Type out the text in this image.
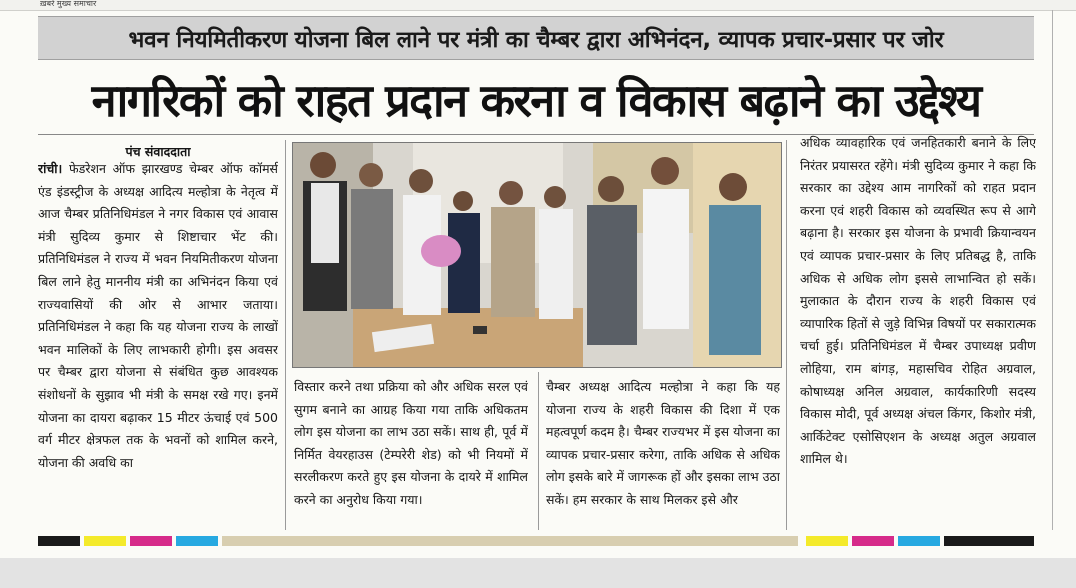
ख़बरें मुख्य समाचार
भवन नियमितीकरण योजना बिल लाने पर मंत्री का चैम्बर द्वारा अभिनंदन, व्यापक प्रचार-प्रसार पर जोर
नागरिकों को राहत प्रदान करना व विकास बढ़ाने का उद्देश्य
पंच संवाददाता

रांची। फेडरेशन ऑफ झारखण्ड चेम्बर ऑफ कॉमर्स एंड इंडस्ट्रीज के अध्यक्ष आदित्य मल्होत्रा के नेतृत्व में आज चैम्बर प्रतिनिधिमंडल ने नगर विकास एवं आवास मंत्री सुदिव्य कुमार से शिष्टाचार भेंट की। प्रतिनिधिमंडल ने राज्य में भवन नियमितीकरण योजना बिल लाने हेतु माननीय मंत्री का अभिनंदन किया एवं राज्यवासियों की ओर से आभार जताया। प्रतिनिधिमंडल ने कहा कि यह योजना राज्य के लाखों भवन मालिकों के लिए लाभकारी होगी। इस अवसर पर चैम्बर द्वारा योजना से संबंधित कुछ आवश्यक संशोधनों के सुझाव भी मंत्री के समक्ष रखे गए। इनमें योजना का दायरा बढ़ाकर 15 मीटर ऊंचाई एवं 500 वर्ग मीटर क्षेत्रफल तक के भवनों को शामिल करने, योजना की अवधि का

विस्तार करने तथा प्रक्रिया को और अधिक सरल एवं सुगम बनाने का आग्रह किया गया ताकि अधिकतम लोग इस योजना का लाभ उठा सकें। साथ ही, पूर्व में निर्मित वेयरहाउस (टेम्परेरी शेड) को भी नियमों में सरलीकरण करते हुए इस योजना के दायरे में शामिल करने का अनुरोध किया गया।

चैम्बर अध्यक्ष आदित्य मल्होत्रा ने कहा कि यह योजना राज्य के शहरी विकास की दिशा में एक महत्वपूर्ण कदम है। चैम्बर राज्यभर में इस योजना का व्यापक प्रचार-प्रसार करेगा, ताकि अधिक से अधिक लोग इसके बारे में जागरूक हों और इसका लाभ उठा सकें। हम सरकार के साथ मिलकर इसे और

अधिक व्यावहारिक एवं जनहितकारी बनाने के लिए निरंतर प्रयासरत रहेंगे। मंत्री सुदिव्य कुमार ने कहा कि सरकार का उद्देश्य आम नागरिकों को राहत प्रदान करना एवं शहरी विकास को व्यवस्थित रूप से आगे बढ़ाना है। सरकार इस योजना के प्रभावी क्रियान्वयन एवं व्यापक प्रचार-प्रसार के लिए प्रतिबद्ध है, ताकि अधिक से अधिक लोग इससे लाभान्वित हो सकें। मुलाकात के दौरान राज्य के शहरी विकास एवं व्यापारिक हितों से जुड़े विभिन्न विषयों पर सकारात्मक चर्चा हुई। प्रतिनिधिमंडल में चैम्बर उपाध्यक्ष प्रवीण लोहिया, राम बांगड़, महासचिव रोहित अग्रवाल, कोषाध्यक्ष अनिल अग्रवाल, कार्यकारिणी सदस्य विकास मोदी, पूर्व अध्यक्ष अंचल किंगर, किशोर मंत्री, आर्किटेक्ट एसोसिएशन के अध्यक्ष अतुल अग्रवाल शामिल थे।
